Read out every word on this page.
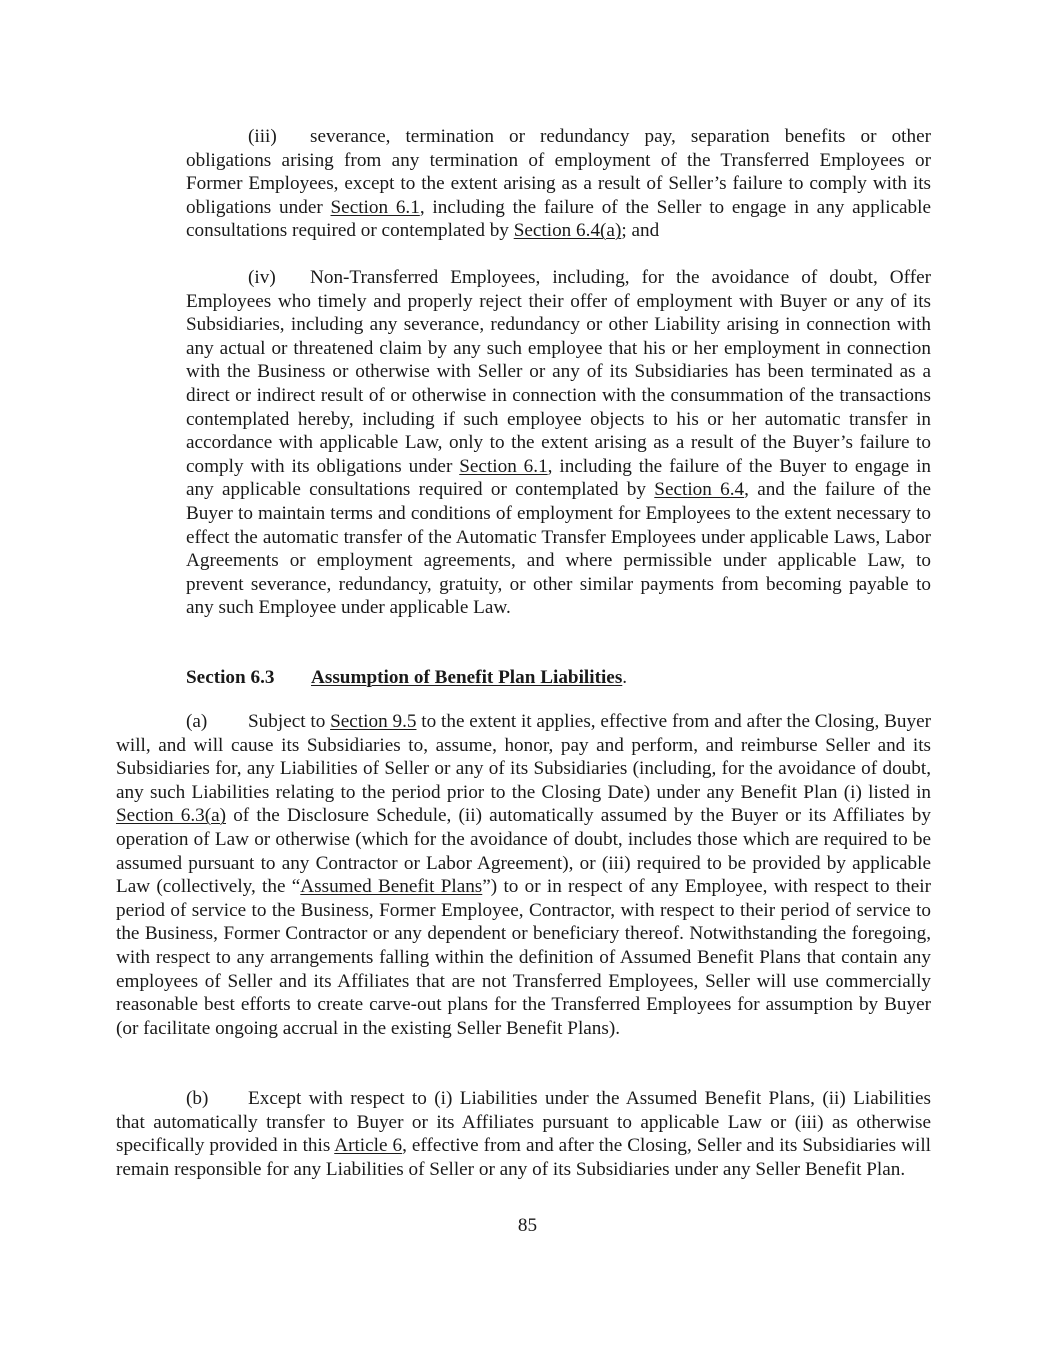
(iii) severance, termination or redundancy pay, separation benefits or other obligations arising from any termination of employment of the Transferred Employees or Former Employees, except to the extent arising as a result of Seller’s failure to comply with its obligations under Section 6.1, including the failure of the Seller to engage in any applicable consultations required or contemplated by Section 6.4(a); and

(iv) Non-Transferred Employees, including, for the avoidance of doubt, Offer Employees who timely and properly reject their offer of employment with Buyer or any of its Subsidiaries, including any severance, redundancy or other Liability arising in connection with any actual or threatened claim by any such employee that his or her employment in connection with the Business or otherwise with Seller or any of its Subsidiaries has been terminated as a direct or indirect result of or otherwise in connection with the consummation of the transactions contemplated hereby, including if such employee objects to his or her automatic transfer in accordance with applicable Law, only to the extent arising as a result of the Buyer’s failure to comply with its obligations under Section 6.1, including the failure of the Buyer to engage in any applicable consultations required or contemplated by Section 6.4, and the failure of the Buyer to maintain terms and conditions of employment for Employees to the extent necessary to effect the automatic transfer of the Automatic Transfer Employees under applicable Laws, Labor Agreements or employment agreements, and where permissible under applicable Law, to prevent severance, redundancy, gratuity, or other similar payments from becoming payable to any such Employee under applicable Law.

Section 6.3 Assumption of Benefit Plan Liabilities.

(a) Subject to Section 9.5 to the extent it applies, effective from and after the Closing, Buyer will, and will cause its Subsidiaries to, assume, honor, pay and perform, and reimburse Seller and its Subsidiaries for, any Liabilities of Seller or any of its Subsidiaries (including, for the avoidance of doubt, any such Liabilities relating to the period prior to the Closing Date) under any Benefit Plan (i) listed in Section 6.3(a) of the Disclosure Schedule, (ii) automatically assumed by the Buyer or its Affiliates by operation of Law or otherwise (which for the avoidance of doubt, includes those which are required to be assumed pursuant to any Contractor or Labor Agreement), or (iii) required to be provided by applicable Law (collectively, the “Assumed Benefit Plans”) to or in respect of any Employee, with respect to their period of service to the Business, Former Employee, Contractor, with respect to their period of service to the Business, Former Contractor or any dependent or beneficiary thereof. Notwithstanding the foregoing, with respect to any arrangements falling within the definition of Assumed Benefit Plans that contain any employees of Seller and its Affiliates that are not Transferred Employees, Seller will use commercially reasonable best efforts to create carve-out plans for the Transferred Employees for assumption by Buyer (or facilitate ongoing accrual in the existing Seller Benefit Plans).

(b) Except with respect to (i) Liabilities under the Assumed Benefit Plans, (ii) Liabilities that automatically transfer to Buyer or its Affiliates pursuant to applicable Law or (iii) as otherwise specifically provided in this Article 6, effective from and after the Closing, Seller and its Subsidiaries will remain responsible for any Liabilities of Seller or any of its Subsidiaries under any Seller Benefit Plan.

85
